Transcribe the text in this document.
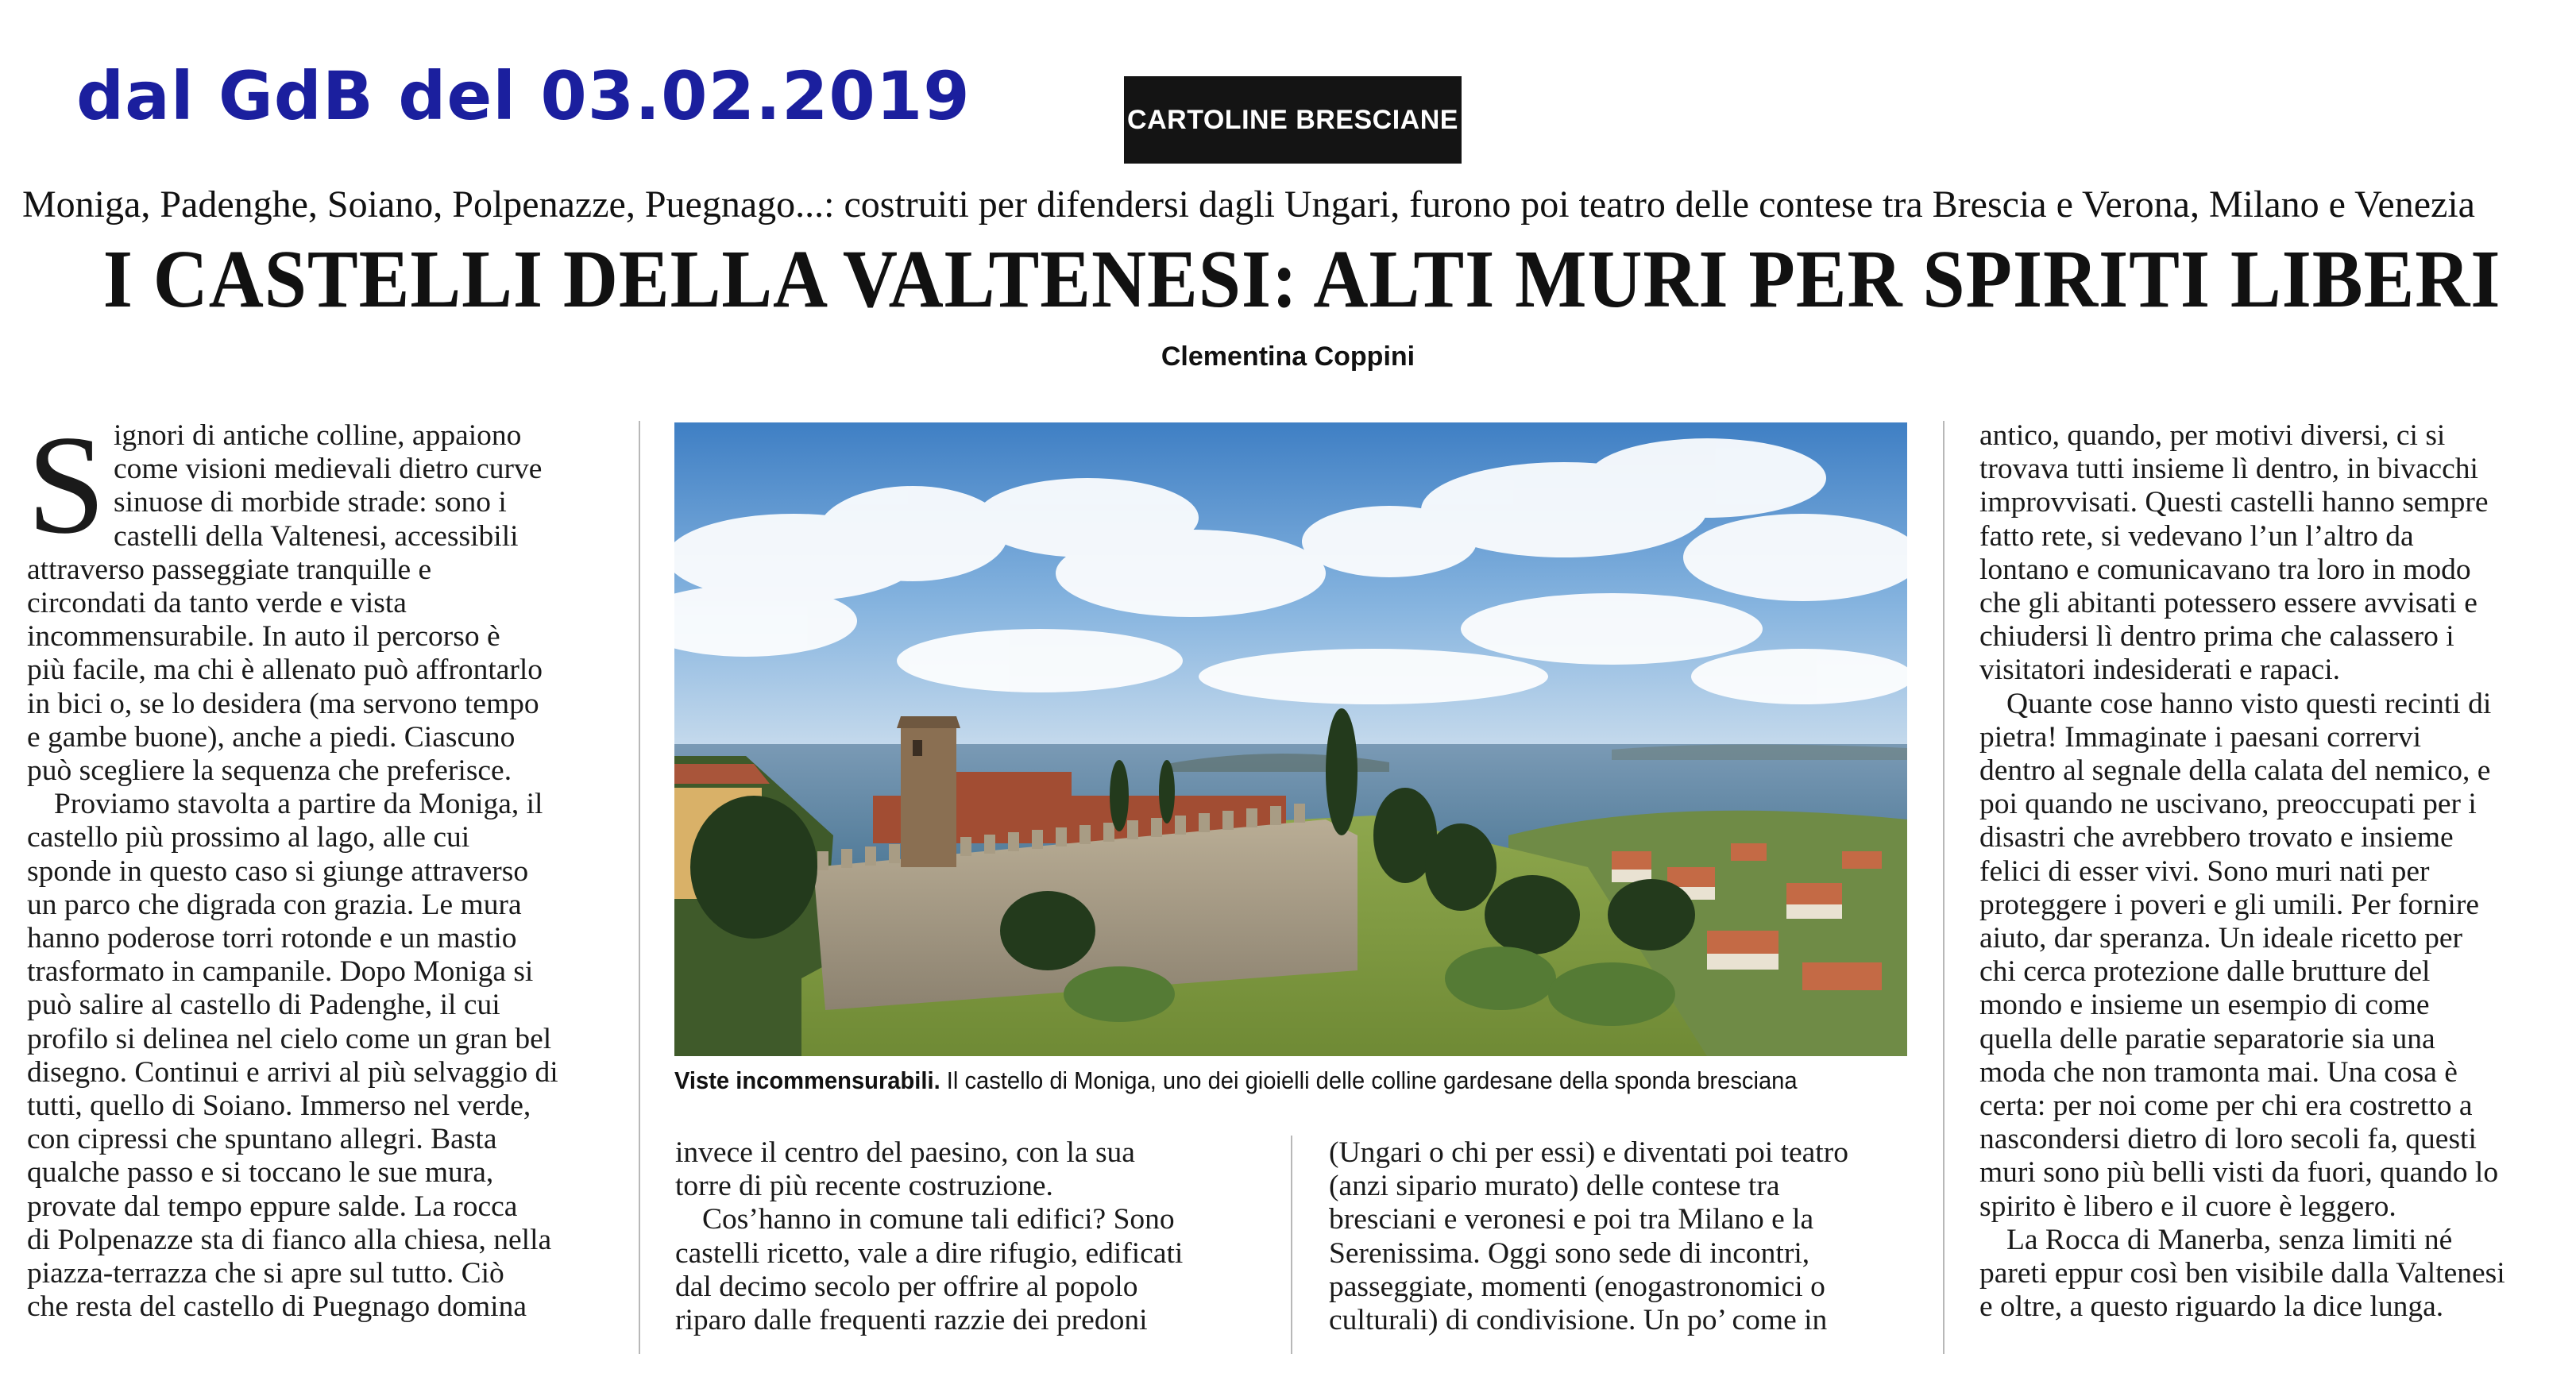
dal GdB del 03.02.2019	CARTOLINE BRESCIANE
Moniga, Padenghe, Soiano, Polpenazze, Puegnago...: costruiti per difendersi dagli Ungari, furono poi teatro delle contese tra Brescia e Verona, Milano e Venezia
I CASTELLI DELLA VALTENESI: ALTI MURI PER SPIRITI LIBERI
Clementina Coppini
S ignori di antiche colline, appaiono

come visioni medievali dietro curve

sinuose di morbide strade: sono i

castelli della Valtenesi, accessibili

attraverso passeggiate tranquille e

circondati da tanto verde e vista

incommensurabile. In auto il percorso è

più facile, ma chi è allenato può affrontarlo

in bici o, se lo desidera (ma servono tempo

e gambe buone), anche a piedi. Ciascuno

può scegliere la sequenza che preferisce.

Proviamo stavolta a partire da Moniga, il

castello più prossimo al lago, alle cui

sponde in questo caso si giunge attraverso

un parco che digrada con grazia. Le mura

hanno poderose torri rotonde e un mastio

trasformato in campanile. Dopo Moniga si

può salire al castello di Padenghe, il cui

profilo si delinea nel cielo come un gran bel

disegno. Continui e arrivi al più selvaggio di

tutti, quello di Soiano. Immerso nel verde,

con cipressi che spuntano allegri. Basta

qualche passo e si toccano le sue mura,

provate dal tempo eppure salde. La rocca

di Polpenazze sta di fianco alla chiesa, nella

piazza-terrazza che si apre sul tutto. Ciò

che resta del castello di Puegnago domina

Viste incommensurabili. Il castello di Moniga, uno dei gioielli delle colline gardesane della sponda bresciana

invece il centro del paesino, con la sua

torre di più recente costruzione.

Cos’hanno in comune tali edifici? Sono

castelli ricetto, vale a dire rifugio, edificati

dal decimo secolo per offrire al popolo

riparo dalle frequenti razzie dei predoni

(Ungari o chi per essi) e diventati poi teatro

(anzi sipario murato) delle contese tra

bresciani e veronesi e poi tra Milano e la

Serenissima. Oggi sono sede di incontri,

passeggiate, momenti (enogastronomici o

culturali) di condivisione. Un po’ come in

antico, quando, per motivi diversi, ci si

trovava tutti insieme lì dentro, in bivacchi

improvvisati. Questi castelli hanno sempre

fatto rete, si vedevano l’un l’altro da

lontano e comunicavano tra loro in modo

che gli abitanti potessero essere avvisati e

chiudersi lì dentro prima che calassero i

visitatori indesiderati e rapaci.

Quante cose hanno visto questi recinti di

pietra! Immaginate i paesani corrervi

dentro al segnale della calata del nemico, e

poi quando ne uscivano, preoccupati per i

disastri che avrebbero trovato e insieme

felici di esser vivi. Sono muri nati per

proteggere i poveri e gli umili. Per fornire

aiuto, dar speranza. Un ideale ricetto per

chi cerca protezione dalle brutture del

mondo e insieme un esempio di come

quella delle paratie separatorie sia una

moda che non tramonta mai. Una cosa è

certa: per noi come per chi era costretto a

nascondersi dietro di loro secoli fa, questi

muri sono più belli visti da fuori, quando lo

spirito è libero e il cuore è leggero.

La Rocca di Manerba, senza limiti né

pareti eppur così ben visibile dalla Valtenesi

e oltre, a questo riguardo la dice lunga.
